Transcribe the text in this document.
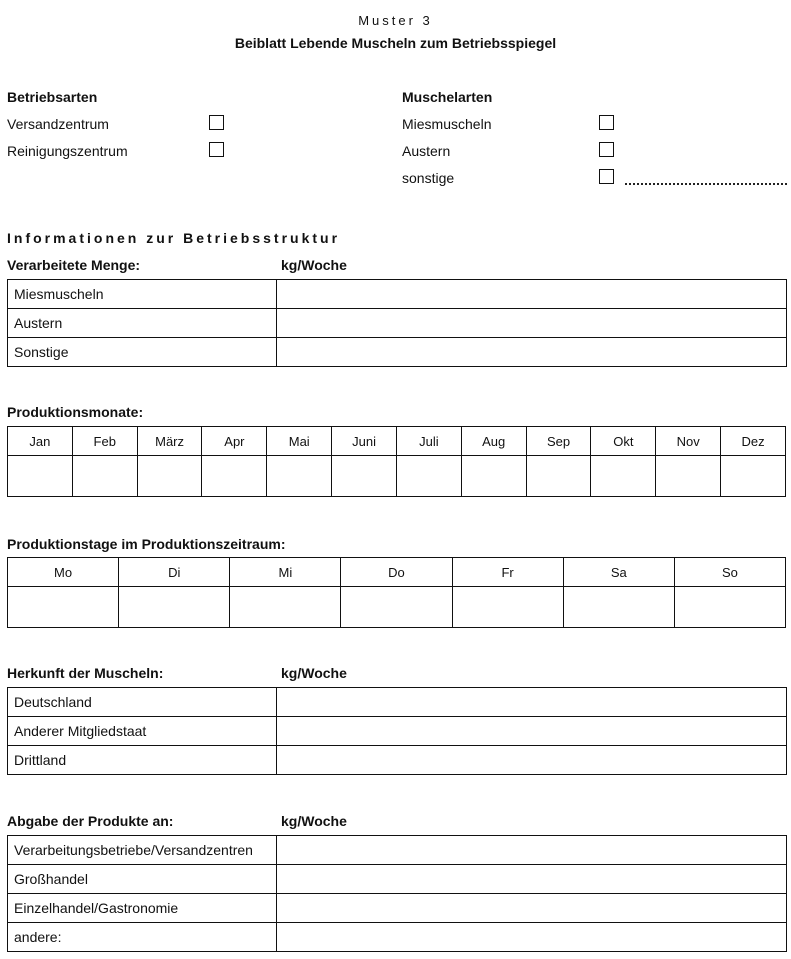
Muster 3
Beiblatt Lebende Muscheln zum Betriebsspiegel
Betriebsarten
Versandzentrum
Reinigungszentrum
Muschelarten
Miesmuscheln
Austern
sonstige
Informationen zur Betriebsstruktur
Verarbeitete Menge:	kg/Woche
Miesmuscheln	
Austern	
Sonstige	
Produktionsmonate:
Jan	Feb	März	Apr	Mai	Juni	Juli	Aug	Sep	Okt	Nov	Dez

Produktionstage im Produktionszeitraum:
Mo	Di	Mi	Do	Fr	Sa	So

Herkunft der Muscheln:	kg/Woche
Deutschland	
Anderer Mitgliedstaat	
Drittland	
Abgabe der Produkte an:	kg/Woche
Verarbeitungsbetriebe/Versandzentren	
Großhandel	
Einzelhandel/Gastronomie	
andere:	
